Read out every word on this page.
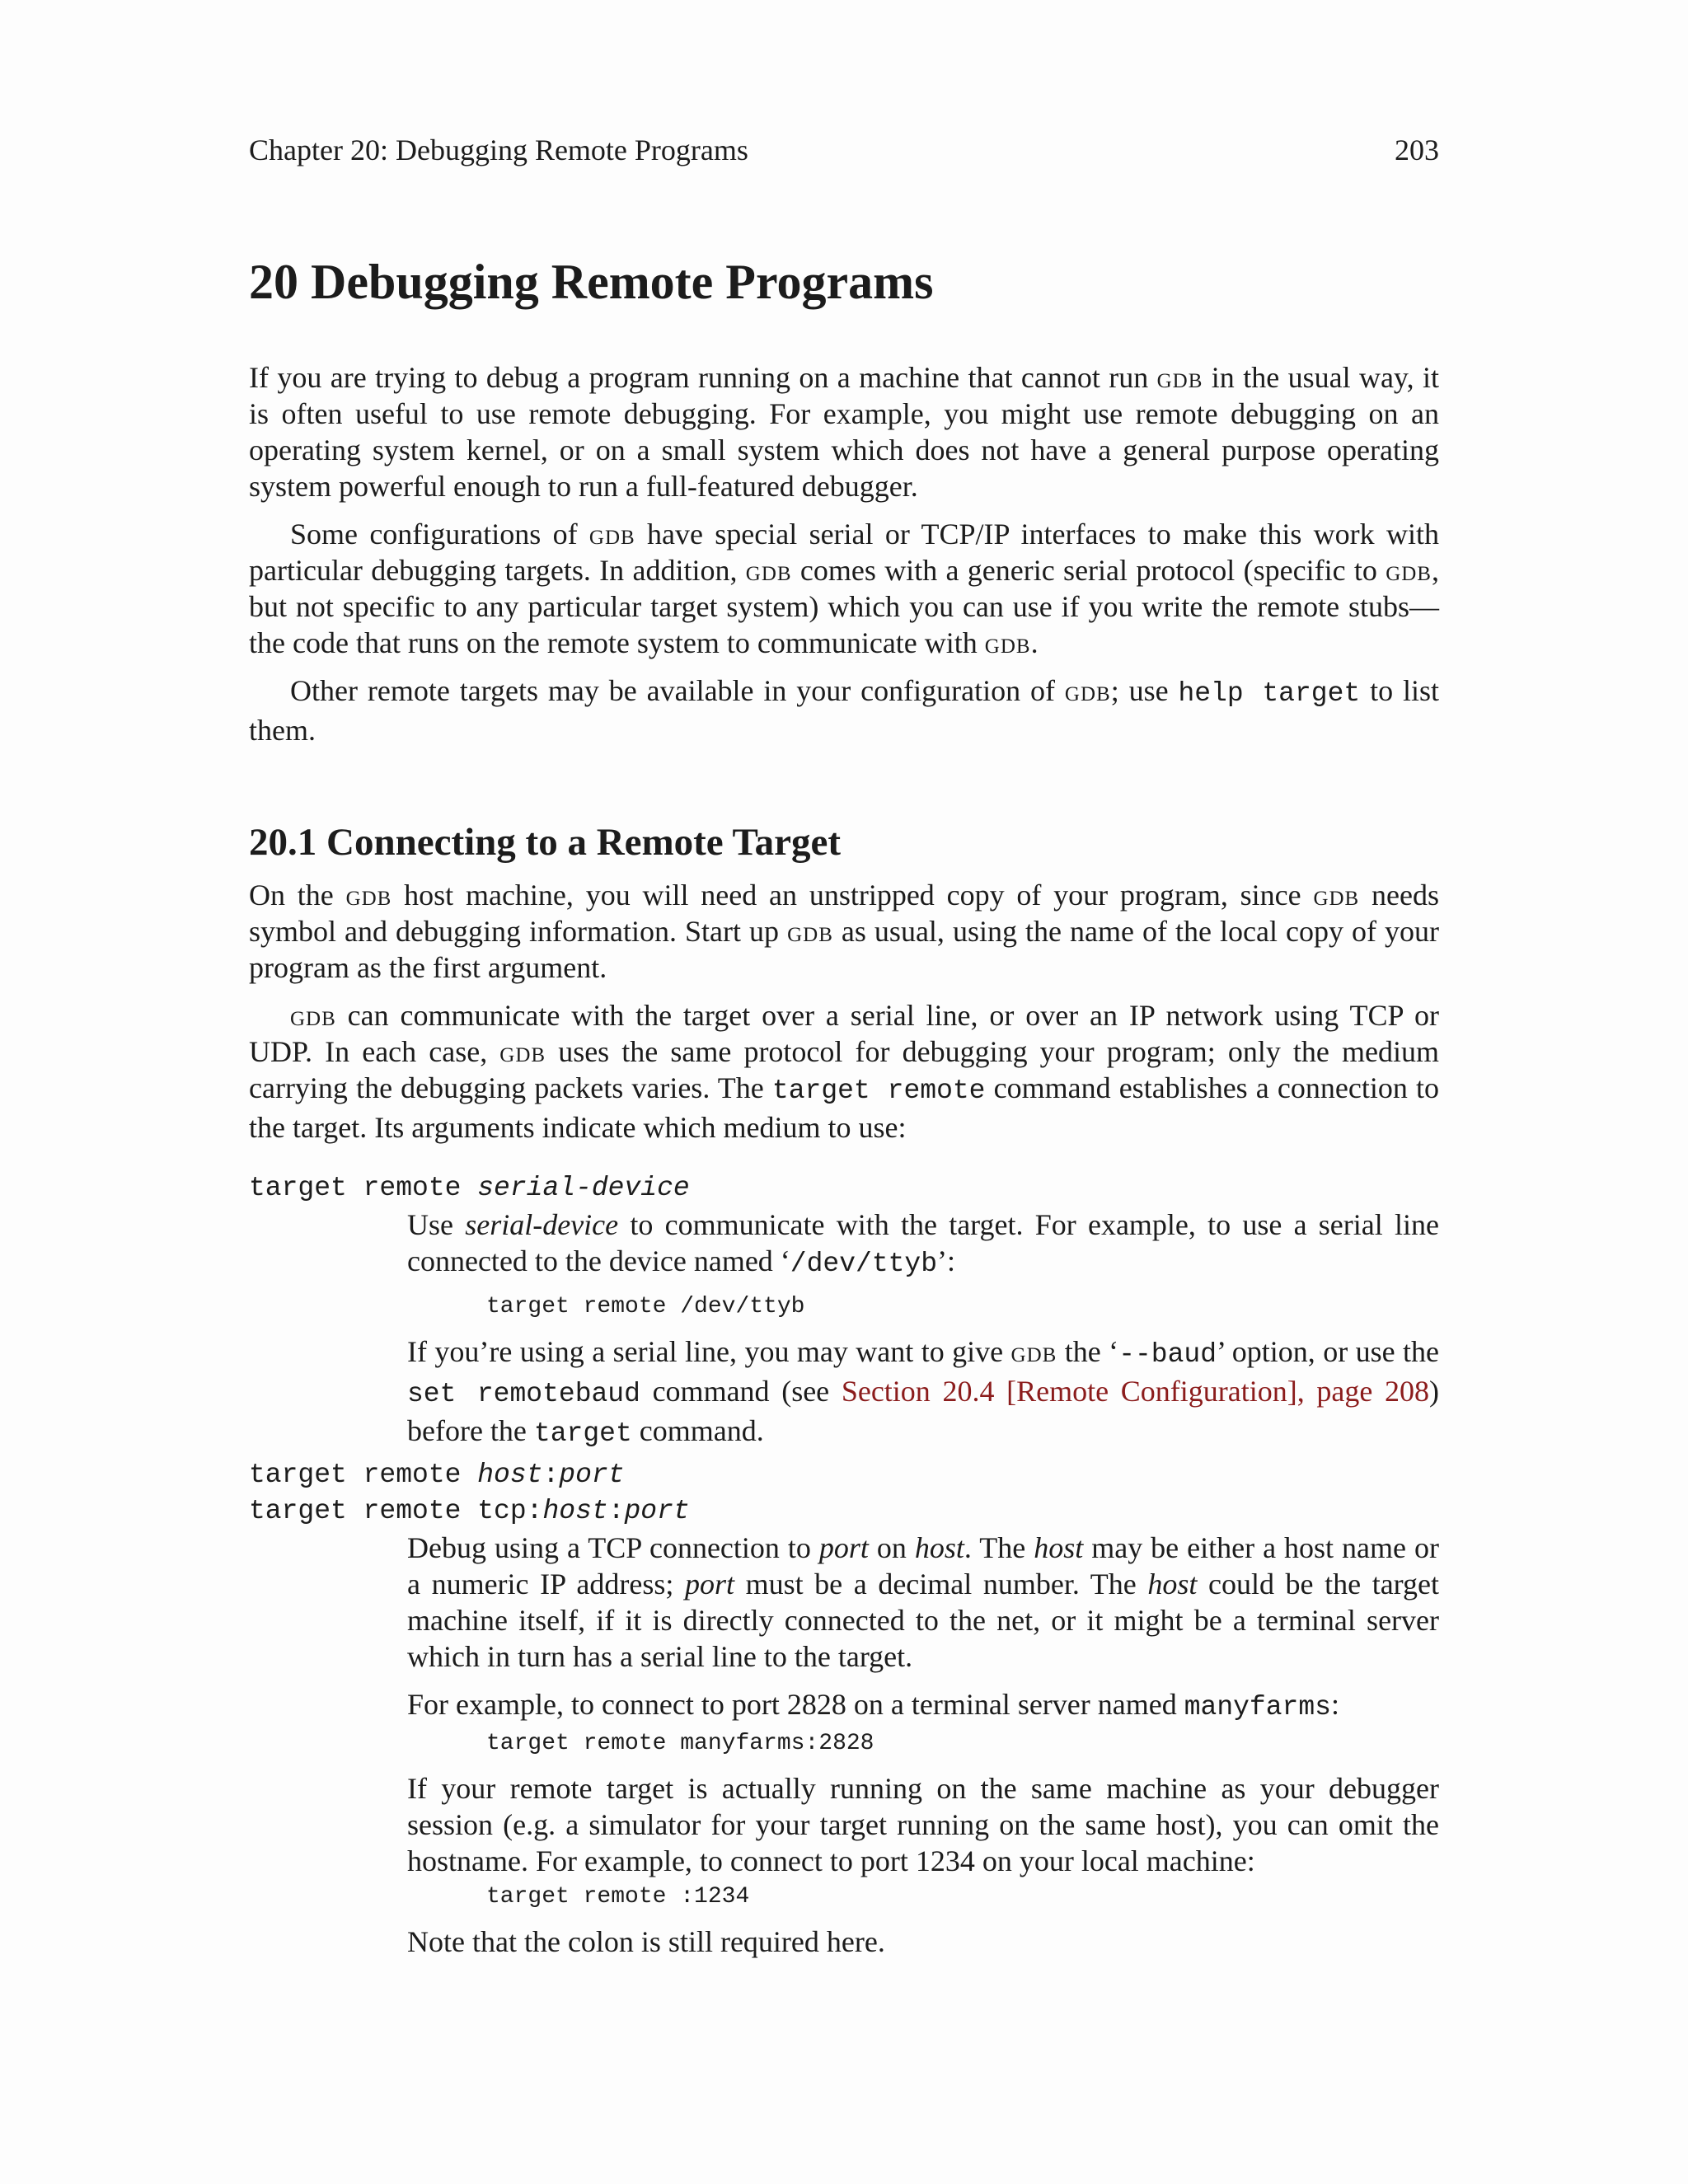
Chapter 20: Debugging Remote Programs	203
20 Debugging Remote Programs

If you are trying to debug a program running on a machine that cannot run gdb in the usual way, it is often useful to use remote debugging. For example, you might use remote debugging on an operating system kernel, or on a small system which does not have a general purpose operating system powerful enough to run a full-featured debugger.

Some configurations of gdb have special serial or TCP/IP interfaces to make this work with particular debugging targets. In addition, gdb comes with a generic serial protocol (specific to gdb, but not specific to any particular target system) which you can use if you write the remote stubs—the code that runs on the remote system to communicate with gdb.

Other remote targets may be available in your configuration of gdb; use help target to list them.

20.1 Connecting to a Remote Target

On the gdb host machine, you will need an unstripped copy of your program, since gdb needs symbol and debugging information. Start up gdb as usual, using the name of the local copy of your program as the first argument.

gdb can communicate with the target over a serial line, or over an IP network using TCP or UDP. In each case, gdb uses the same protocol for debugging your program; only the medium carrying the debugging packets varies. The target remote command establishes a connection to the target. Its arguments indicate which medium to use:

target remote serial-device

Use serial-device to communicate with the target. For example, to use a serial line connected to the device named ‘/dev/ttyb’:

target remote /dev/ttyb

If you’re using a serial line, you may want to give gdb the ‘--baud’ option, or use the set remotebaud command (see Section 20.4 [Remote Configuration], page 208) before the target command.

target remote host:port
target remote tcp:host:port

Debug using a TCP connection to port on host. The host may be either a host name or a numeric IP address; port must be a decimal number. The host could be the target machine itself, if it is directly connected to the net, or it might be a terminal server which in turn has a serial line to the target.

For example, to connect to port 2828 on a terminal server named manyfarms:

target remote manyfarms:2828

If your remote target is actually running on the same machine as your debugger session (e.g. a simulator for your target running on the same host), you can omit the hostname. For example, to connect to port 1234 on your local machine:

target remote :1234

Note that the colon is still required here.
